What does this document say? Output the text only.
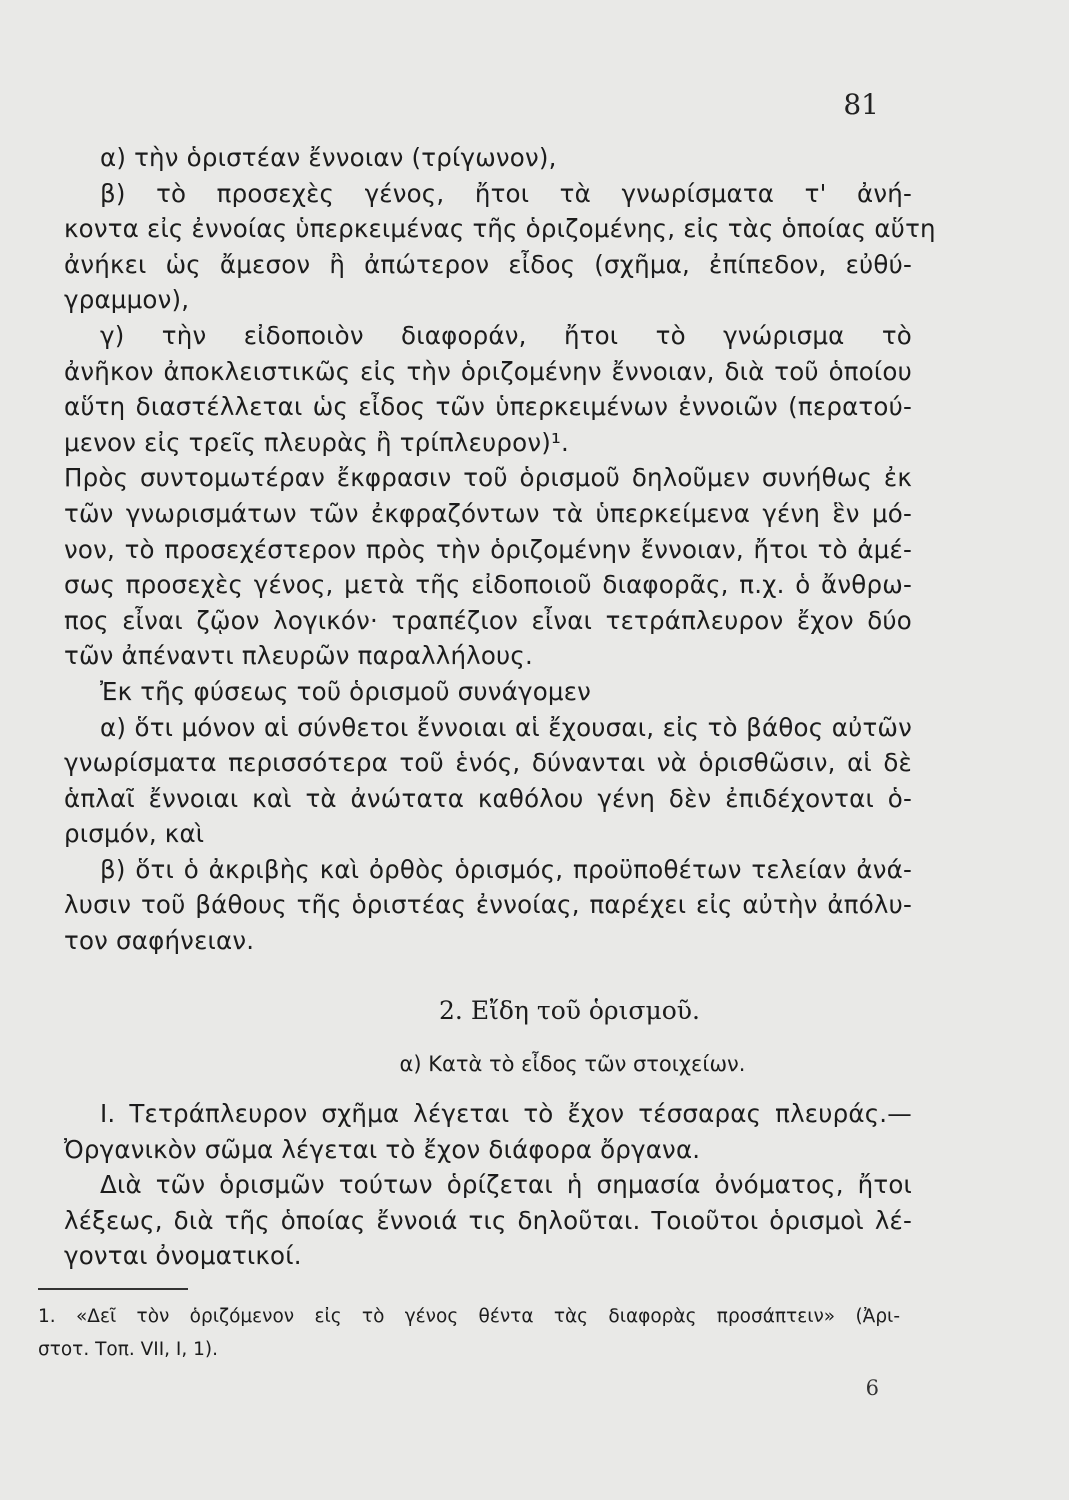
81
α) τὴν ὁριστέαν ἔννοιαν (τρίγωνον),
β) τὸ προσεχὲς γένος, ἤτοι τὰ γνωρίσματα τ' ἀνή-
κοντα εἰς ἐννοίας ὑπερκειμένας τῆς ὁριζομένης, εἰς τὰς ὁποίας αὕτη
ἀνήκει ὡς ἄμεσον ἢ ἀπώτερον εἶδος (σχῆμα, ἐπίπεδον, εὐθύ-
γραμμον),
γ) τὴν εἰδοποιὸν διαφοράν, ἤτοι τὸ γνώρισμα τὸ
ἀνῆκον ἀποκλειστικῶς εἰς τὴν ὁριζομένην ἔννοιαν, διὰ τοῦ ὁποίου
αὕτη διαστέλλεται ὡς εἶδος τῶν ὑπερκειμένων ἐννοιῶν (περατού-
μενον εἰς τρεῖς πλευρὰς ἢ τρίπλευρον)¹.
Πρὸς συντομωτέραν ἔκφρασιν τοῦ ὁρισμοῦ δηλοῦμεν συνήθως ἐκ
τῶν γνωρισμάτων τῶν ἐκφραζόντων τὰ ὑπερκείμενα γένη ἓν μό-
νον, τὸ προσεχέστερον πρὸς τὴν ὁριζομένην ἔννοιαν, ἤτοι τὸ ἀμέ-
σως προσεχὲς γένος, μετὰ τῆς εἰδοποιοῦ διαφορᾶς, π.χ. ὁ ἄνθρω-
πος εἶναι ζῷον λογικόν· τραπέζιον εἶναι τετράπλευρον ἔχον δύο
τῶν ἀπέναντι πλευρῶν παραλλήλους.
Ἐκ τῆς φύσεως τοῦ ὁρισμοῦ συνάγομεν
α) ὅτι μόνον αἱ σύνθετοι ἔννοιαι αἱ ἔχουσαι, εἰς τὸ βάθος αὐτῶν
γνωρίσματα περισσότερα τοῦ ἑνός, δύνανται νὰ ὁρισθῶσιν, αἱ δὲ
ἁπλαῖ ἔννοιαι καὶ τὰ ἀνώτατα καθόλου γένη δὲν ἐπιδέχονται ὁ-
ρισμόν, καὶ
β) ὅτι ὁ ἀκριβὴς καὶ ὀρθὸς ὁρισμός, προϋποθέτων τελείαν ἀνά-
λυσιν τοῦ βάθους τῆς ὁριστέας ἐννοίας, παρέχει εἰς αὐτὴν ἀπόλυ-
τον σαφήνειαν.
2. Εἴδη τοῦ ὁρισμοῦ.
α) Κατὰ τὸ εἶδος τῶν στοιχείων.
I. Τετράπλευρον σχῆμα λέγεται τὸ ἔχον τέσσαρας πλευράς.—
Ὀργανικὸν σῶμα λέγεται τὸ ἔχον διάφορα ὄργανα.
Διὰ τῶν ὁρισμῶν τούτων ὁρίζεται ἡ σημασία ὀνόματος, ἤτοι
λέξεως, διὰ τῆς ὁποίας ἔννοιά τις δηλοῦται. Τοιοῦτοι ὁρισμοὶ λέ-
γονται ὀνοματικοί.
1. «Δεῖ τὸν ὁριζόμενον εἰς τὸ γένος θέντα τὰς διαφορὰς προσάπτειν» (Ἀρι-
στοτ. Τοπ. VII, I, 1).
6
